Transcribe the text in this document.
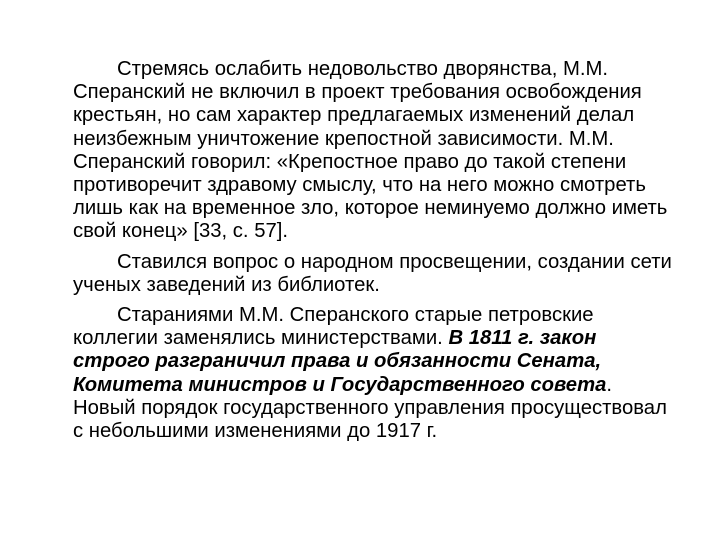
Стремясь ослабить недовольство дворянства, М.М. Сперанский не включил в проект требования освобождения крестьян, но сам характер предлагаемых изменений делал неизбежным уничтожение крепостной зависимости. М.М. Сперанский говорил: «Крепостное право до такой степени противоречит здравому смыслу, что на него можно смотреть лишь как на временное зло, которое неминуемо должно иметь свой конец» [33, с. 57].

Ставился вопрос о народном просвещении, создании сети ученых заведений из библиотек.

Стараниями М.М. Сперанского старые петровские коллегии заменялись министерствами. В 1811 г. закон строго разграничил права и обязанности Сената, Комитета министров и Государственного совета. Новый порядок государственного управления просуществовал с небольшими изменениями до 1917 г.
